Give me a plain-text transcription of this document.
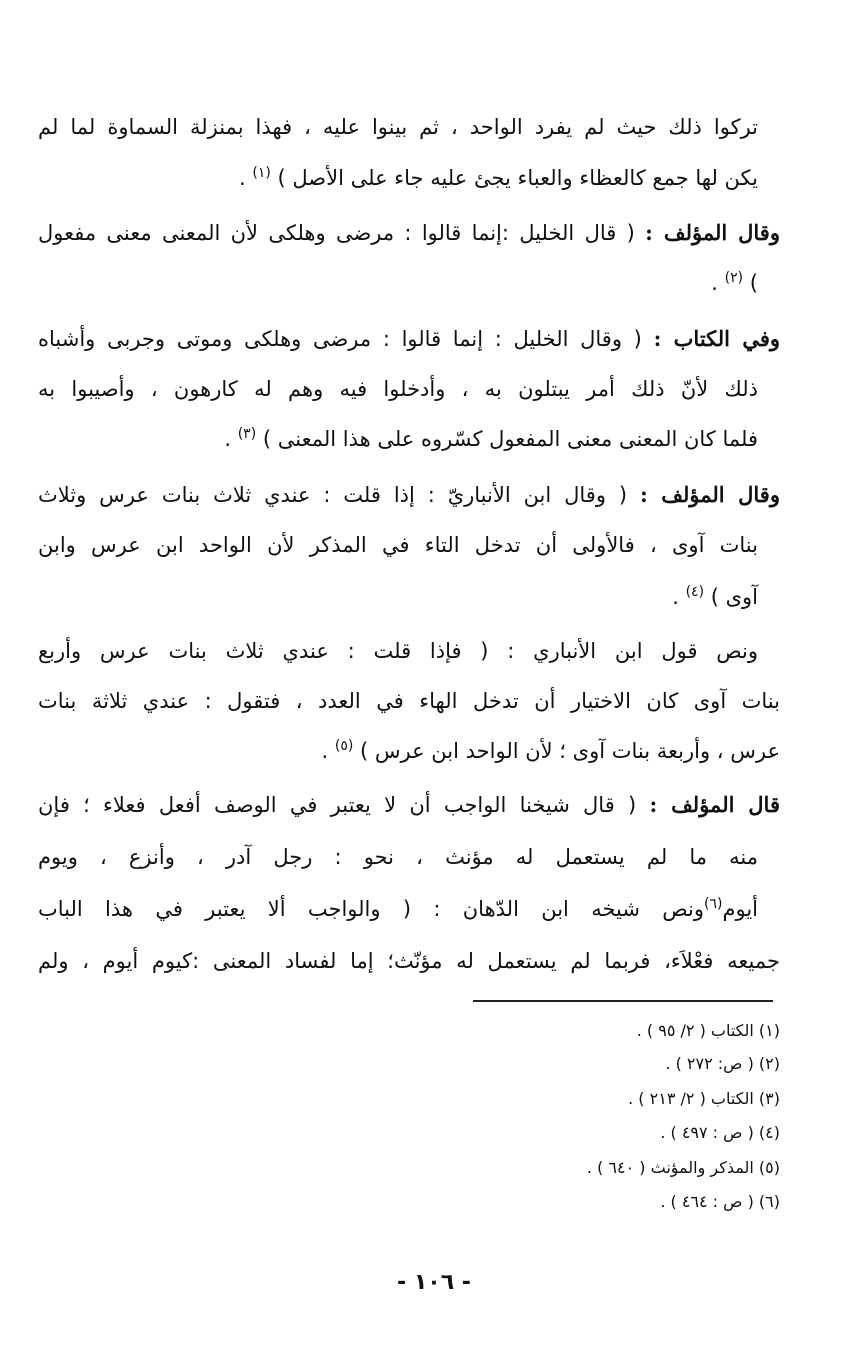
تركوا ذلك حيث لم يفرد الواحد ، ثم بينوا عليه ، فهذا بمنزلة السماوة لما لم
يكن لها جمع كالعظاء والعباء يجئ عليه جاء على الأصل ) $^{(١)}$ .
وقال المؤلف : ( قال الخليل :إنما قالوا : مرضى وهلكى لأن المعنى معنى مفعول
) $^{(٢)}$ .
وفي الكتاب : ( وقال الخليل : إنما قالوا : مرضى وهلكى وموتى وجربى وأشباه
ذلك لأنّ ذلك أمر يبتلون به ، وأدخلوا فيه وهم له كارهون ، وأصيبوا به
فلما كان المعنى معنى المفعول كسّروه على هذا المعنى ) $^{(٣)}$ .
وقال المؤلف : ( وقال ابن الأنباريّ : إذا قلت : عندي ثلاث بنات عرس وثلاث
بنات آوى ، فالأولى أن تدخل التاء في المذكر لأن الواحد ابن عرس وابن
آوى ) $^{(٤)}$ .
ونص قول ابن الأنباري : ( فإذا قلت : عندي ثلاث بنات عرس وأربع
بنات آوى كان الاختيار أن تدخل الهاء في العدد ، فتقول : عندي ثلاثة بنات
عرس ، وأربعة بنات آوى ؛ لأن الواحد ابن عرس ) $^{(٥)}$ .
قال المؤلف : ( قال شيخنا الواجب أن لا يعتبر في الوصف أفعل فعلاء ؛ فإن
منه ما لم يستعمل له مؤنث ، نحو : رجل آدر ، وأنزع ، ويوم
أيوم$^{(٦)}$ونص شيخه ابن الدّهان : ( والواجب ألا يعتبر في هذا الباب
جميعه فعْلاَء، فربما لم يستعمل له مؤنّث؛ إما لفساد المعنى :كيوم أيوم ، ولم
(١) الكتاب ( ٢/ ٩٥ ) .
(٢) ( ص: ٢٧٢ ) .
(٣) الكتاب ( ٢/ ٢١٣ ) .
(٤) ( ص : ٤٩٧ ) .
(٥) المذكر والمؤنث ( ٦٤٠ ) .
(٦) ( ص : ٤٦٤ ) .
- ١٠٦ -
